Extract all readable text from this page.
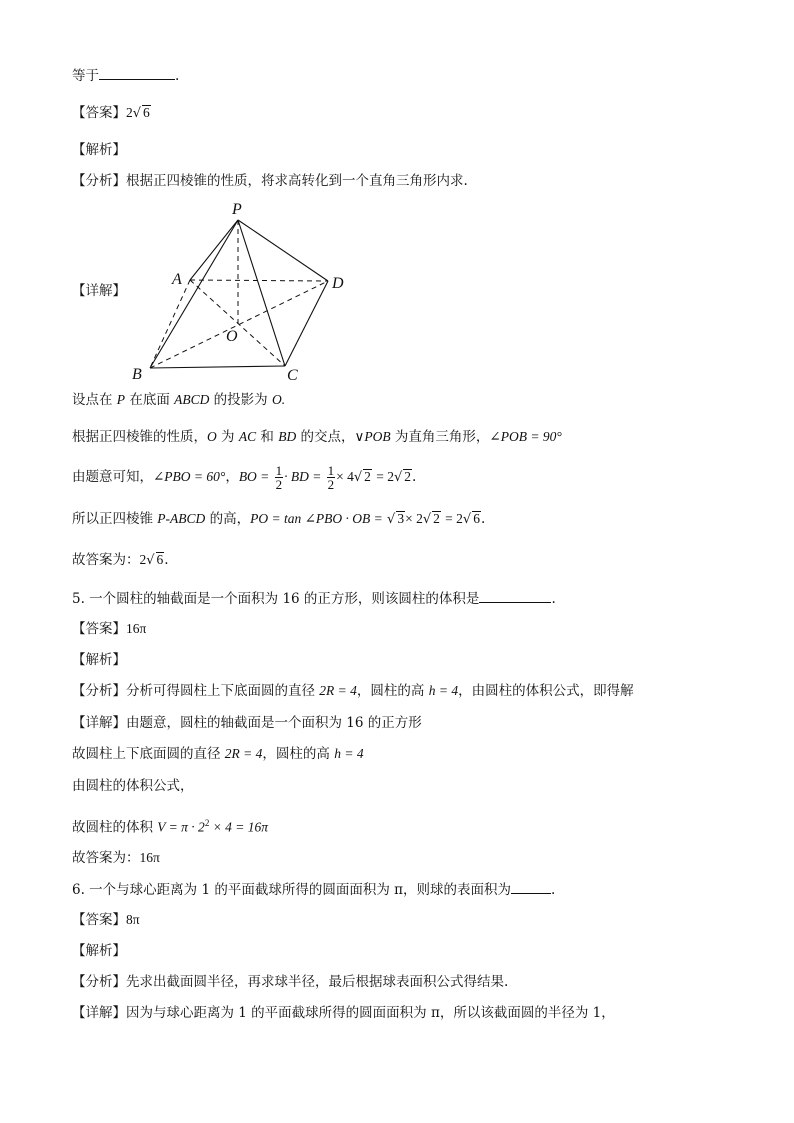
等于	.
【答案】2√ 6
【解析】
【分析】根据正四棱锥的性质，将求高转化到一个直角三角形内求.
【详解】
P
A	D
O
B	C
设点在 P 在底面 ABCD 的投影为 O.
根据正四棱锥的性质，O 为 AC 和 BD 的交点，∨POB 为直角三角形，∠POB = 90°
由题意可知，∠PBO = 60°，BO = $\frac{1}{2}$ · BD = $\frac{1}{2} \times 4√$ 2 = 2√ 2.
所以正四棱锥 P-ABCD 的高，PO = tan ∠PBO · OB = √ 3× 2√ 2 = 2√ 6.
故答案为：2√ 6.
5. 一个圆柱的轴截面是一个面积为 16 的正方形，则该圆柱的体积是	.
【答案】16π
【解析】
【分析】分析可得圆柱上下底面圆的直径 2R = 4，圆柱的高 h = 4，由圆柱的体积公式，即得解
【详解】由题意，圆柱的轴截面是一个面积为 16 的正方形
故圆柱上下底面圆的直径 2R = 4，圆柱的高 h = 4
由圆柱的体积公式，
故圆柱的体积 $V = \pi \cdot 2^2 \times 4 = 16\pi$
故答案为：16π
6. 一个与球心距离为 1 的平面截球所得的圆面面积为 π，则球的表面积为	.
【答案】8π
【解析】
【分析】先求出截面圆半径，再求球半径，最后根据球表面积公式得结果.
【详解】因为与球心距离为 1 的平面截球所得的圆面面积为 π，所以该截面圆的半径为 1，
